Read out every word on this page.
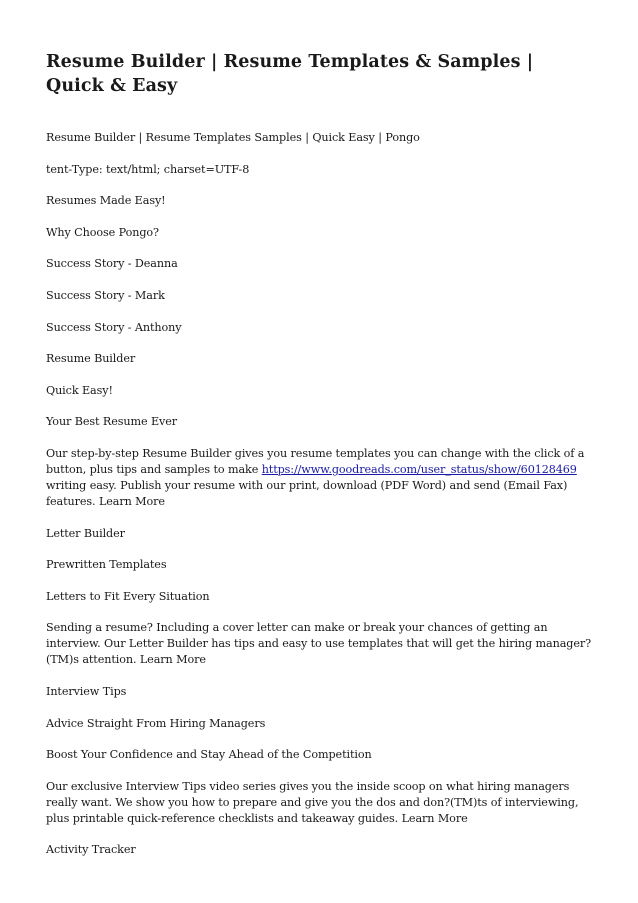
Resume Builder | Resume Templates & Samples | Quick & Easy

Resume Builder | Resume Templates Samples | Quick Easy | Pongo

tent-Type: text/html; charset=UTF-8

Resumes Made Easy!

Why Choose Pongo?

Success Story - Deanna

Success Story - Mark

Success Story - Anthony

Resume Builder

Quick Easy!

Your Best Resume Ever

Our step-by-step Resume Builder gives you resume templates you can change with the click of a button, plus tips and samples to make https://www.goodreads.com/user_status/show/60128469 writing easy. Publish your resume with our print, download (PDF Word) and send (Email Fax) features. Learn More

Letter Builder

Prewritten Templates

Letters to Fit Every Situation

Sending a resume? Including a cover letter can make or break your chances of getting an interview. Our Letter Builder has tips and easy to use templates that will get the hiring manager?(TM)s attention. Learn More

Interview Tips

Advice Straight From Hiring Managers

Boost Your Confidence and Stay Ahead of the Competition

Our exclusive Interview Tips video series gives you the inside scoop on what hiring managers really want. We show you how to prepare and give you the dos and don?(TM)ts of interviewing, plus printable quick-reference checklists and takeaway guides. Learn More

Activity Tracker
